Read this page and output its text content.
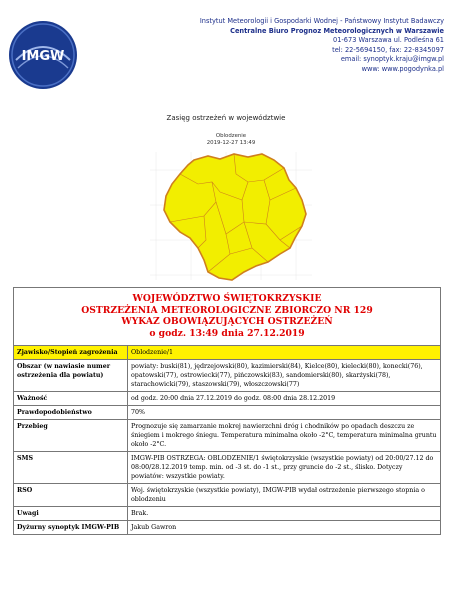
IMGW
Instytut Meteorologii i Gospodarki Wodnej - Państwowy Instytut Badawczy
Centralne Biuro Prognoz Meteorologicznych w Warszawie
01-673 Warszawa ul. Podleśna 61
tel: 22-5694150, fax: 22-8345097
email: synoptyk.kraju@imgw.pl
www: www.pogodynka.pl
Zasięg ostrzeżeń w województwie
Oblodzenie
2019-12-27 13:49
WOJEWÓDZTWO ŚWIĘTOKRZYSKIE
OSTRZEŻENIA METEOROLOGICZNE ZBIORCZO NR 129
WYKAZ OBOWIĄZUJĄCYCH OSTRZEŻEŃ
o godz. 13:49 dnia 27.12.2019	

Zjawisko/Stopień zagrożenia	Oblodzenie/1
Obszar (w nawiasie numer ostrzeżenia dla powiatu)	powiaty: buski(81), jędrzejowski(80), kazimierski(84), Kielce(80), kielecki(80), konecki(76), opatowski(77), ostrowiecki(77), pińczowski(83), sandomierski(80), skarżyski(78), starachowicki(79), staszowski(79), włoszczowski(77)
Ważność	od godz. 20:00 dnia 27.12.2019 do godz. 08:00 dnia 28.12.2019
Prawdopodobieństwo	70%
Przebieg	Prognozuje się zamarzanie mokrej nawierzchni dróg i chodników po opadach deszczu ze śniegiem i mokrego śniegu. Temperatura minimalna około -2°C, temperatura minimalna gruntu około -2°C.
SMS	IMGW-PIB OSTRZEGA: OBLODZENIE/1 świętokrzyskie (wszystkie powiaty) od 20:00/27.12 do 08:00/28.12.2019 temp. min. od -3 st. do -1 st., przy gruncie do -2 st., ślisko. Dotyczy powiatów: wszystkie powiaty.
RSO	Woj. świętokrzyskie (wszystkie powiaty), IMGW-PIB wydał ostrzeżenie pierwszego stopnia o oblodzeniu
Uwagi	Brak.
Dyżurny synoptyk IMGW-PIB	Jakub Gawron
